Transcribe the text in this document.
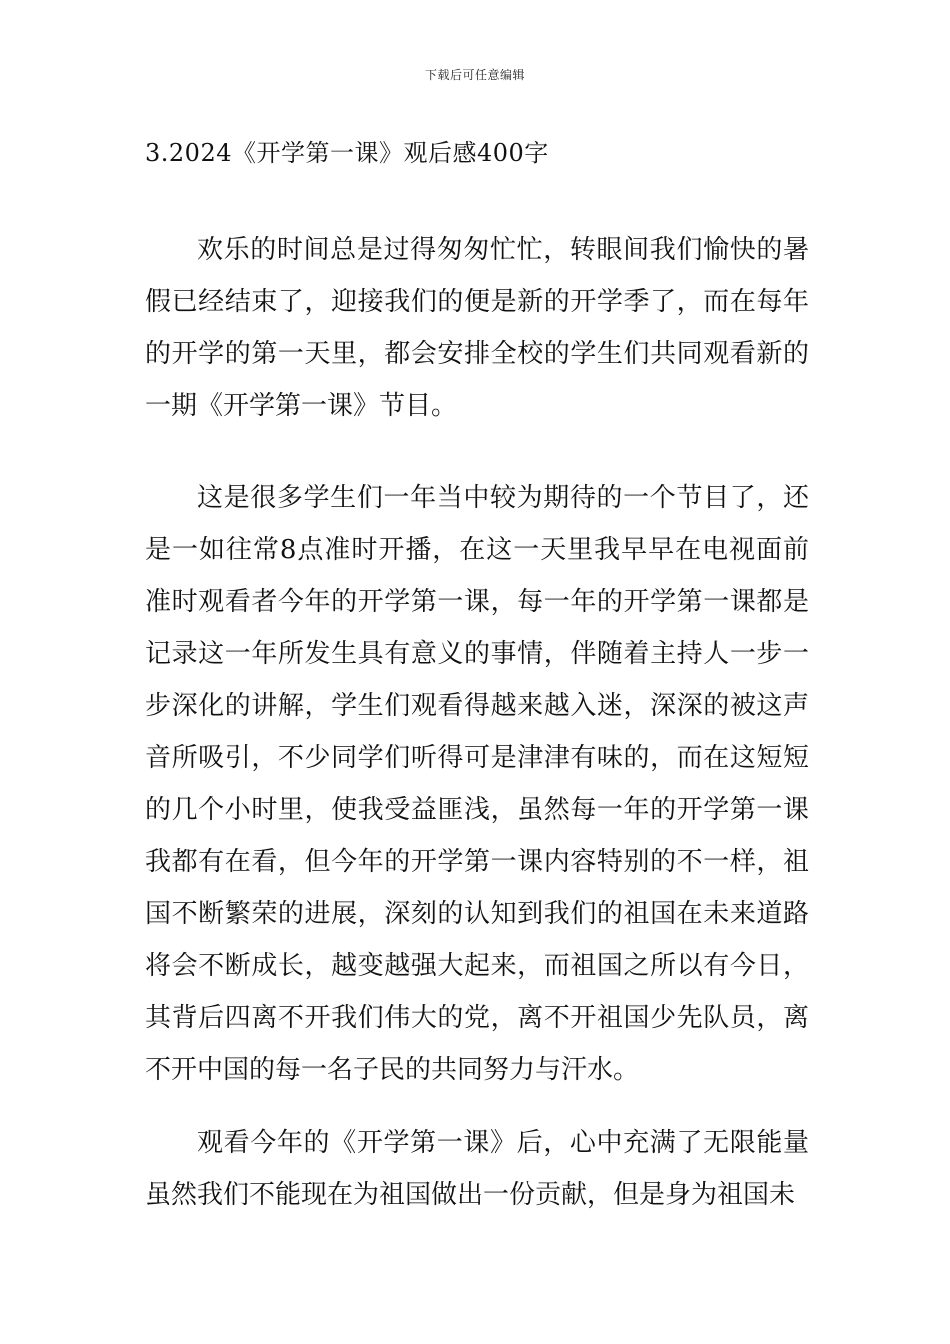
下载后可任意编辑
3.2024《开学第一课》观后感400字

欢乐的时间总是过得匆匆忙忙，转眼间我们愉快的暑假已经结束了，迎接我们的便是新的开学季了，而在每年的开学的第一天里，都会安排全校的学生们共同观看新的一期《开学第一课》节目。

这是很多学生们一年当中较为期待的一个节目了，还是一如往常8点准时开播，在这一天里我早早在电视面前准时观看者今年的开学第一课，每一年的开学第一课都是记录这一年所发生具有意义的事情，伴随着主持人一步一步深化的讲解，学生们观看得越来越入迷，深深的被这声音所吸引，不少同学们听得可是津津有味的，而在这短短的几个小时里，使我受益匪浅，虽然每一年的开学第一课我都有在看，但今年的开学第一课内容特别的不一样，祖国不断繁荣的进展，深刻的认知到我们的祖国在未来道路将会不断成长，越变越强大起来，而祖国之所以有今日，其背后四离不开我们伟大的党，离不开祖国少先队员，离不开中国的每一名子民的共同努力与汗水。

观看今年的《开学第一课》后，心中充满了无限能量虽然我们不能现在为祖国做出一份贡献，但是身为祖国未
